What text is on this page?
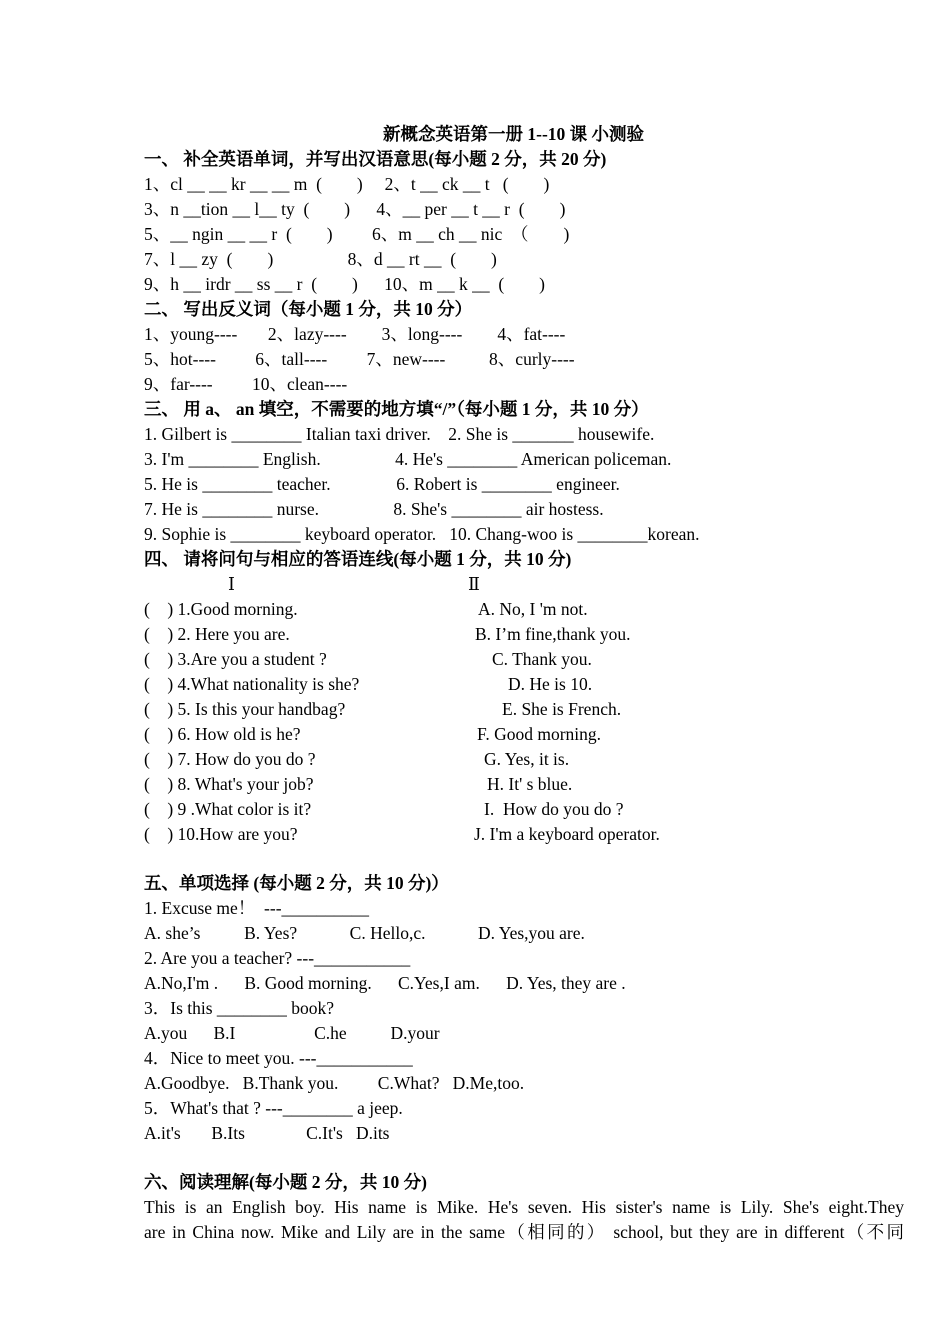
新概念英语第一册 1--10 课 小测验
一、 补全英语单词，并写出汉语意思(每小题 2 分，共 20 分)
1、cl __ __ kr __ __ m  (        )     2、t __ ck __ t   (        )
3、n __tion __ l__ ty  (        )      4、__ per __ t __ r  (        )
5、__ ngin __ __ r  (        )         6、m __ ch __ nic  （        )
7、l __ zy  (        )                 8、d __ rt __  (        )
9、h __ irdr __ ss __ r  (        )      10、m __ k __  (        )
二、 写出反义词（每小题 1 分，共 10 分）
1、young----       2、lazy----        3、long----        4、fat----
5、hot----         6、tall----         7、new----          8、curly----
9、far----         10、clean----
三、 用 a、 an 填空，不需要的地方填“/”（每小题 1 分，共 10 分）
1. Gilbert is ________ Italian taxi driver.    2. She is _______ housewife.
3. I'm ________ English.                 4. He's ________ American policeman.
5. He is ________ teacher.               6. Robert is ________ engineer.
7. He is ________ nurse.                 8. She's ________ air hostess.
9. Sophie is ________ keyboard operator.   10. Chang-woo is ________korean.
四、 请将问句与相应的答语连线(每小题 1 分，共 10 分)
Ⅰ	Ⅱ
(    ) 1.Good morning.	A. No, I 'm not.
(    ) 2. Here you are.	B. I’m fine,thank you.
(    ) 3.Are you a student ?	C. Thank you.
(    ) 4.What nationality is she?	D. He is 10.
(    ) 5. Is this your handbag?	E. She is French.
(    ) 6. How old is he?	F. Good morning.
(    ) 7. How do you do ?	G. Yes, it is.
(    ) 8. What's your job?	H. It' s blue.
(    ) 9 .What color is it?	I.  How do you do ?
(    ) 10.How are you?	J. I'm a keyboard operator.
五、单项选择 (每小题 2 分，共 10 分)）
1. Excuse me！  ---__________
A. she’s          B. Yes?            C. Hello,c.            D. Yes,you are.
2. Are you a teacher? ---___________
A.No,I'm .      B. Good morning.      C.Yes,I am.      D. Yes, they are .
3．Is this ________ book?
A.you      B.I                  C.he          D.your
4．Nice to meet you. ---___________
A.Goodbye.   B.Thank you.         C.What?   D.Me,too.
5．What's that ? ---________ a jeep.
A.it's       B.Its              C.It's   D.its
六、阅读理解(每小题 2 分，共 10 分)
This is an English boy. His name is Mike. He's seven. His sister's name is Lily. She's eight.They
are in China now. Mike and Lily are in the same（相同的） school, but they are in different（不同
